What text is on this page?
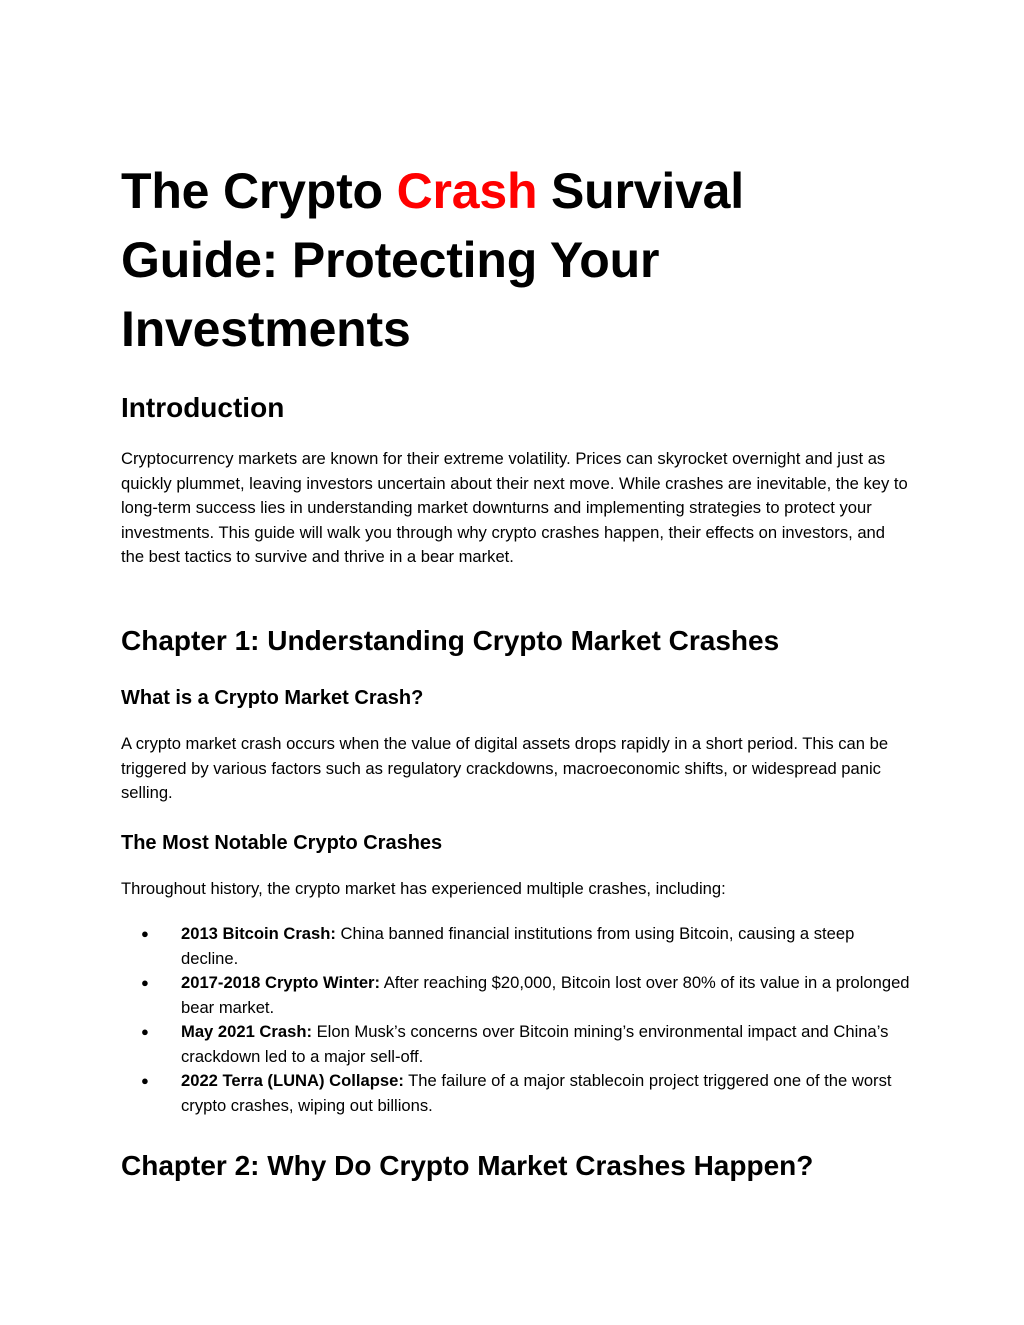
The Crypto Crash Survival Guide: Protecting Your Investments
Introduction

Cryptocurrency markets are known for their extreme volatility. Prices can skyrocket overnight and just as quickly plummet, leaving investors uncertain about their next move. While crashes are inevitable, the key to long-term success lies in understanding market downturns and implementing strategies to protect your investments. This guide will walk you through why crypto crashes happen, their effects on investors, and the best tactics to survive and thrive in a bear market.

Chapter 1: Understanding Crypto Market Crashes
What is a Crypto Market Crash?

A crypto market crash occurs when the value of digital assets drops rapidly in a short period. This can be triggered by various factors such as regulatory crackdowns, macroeconomic shifts, or widespread panic selling.

The Most Notable Crypto Crashes

Throughout history, the crypto market has experienced multiple crashes, including:

● 2013 Bitcoin Crash: China banned financial institutions from using Bitcoin, causing a steep decline.
● 2017-2018 Crypto Winter: After reaching $20,000, Bitcoin lost over 80% of its value in a prolonged bear market.
● May 2021 Crash: Elon Musk’s concerns over Bitcoin mining’s environmental impact and China’s crackdown led to a major sell-off.
● 2022 Terra (LUNA) Collapse: The failure of a major stablecoin project triggered one of the worst crypto crashes, wiping out billions.
Chapter 2: Why Do Crypto Market Crashes Happen?
